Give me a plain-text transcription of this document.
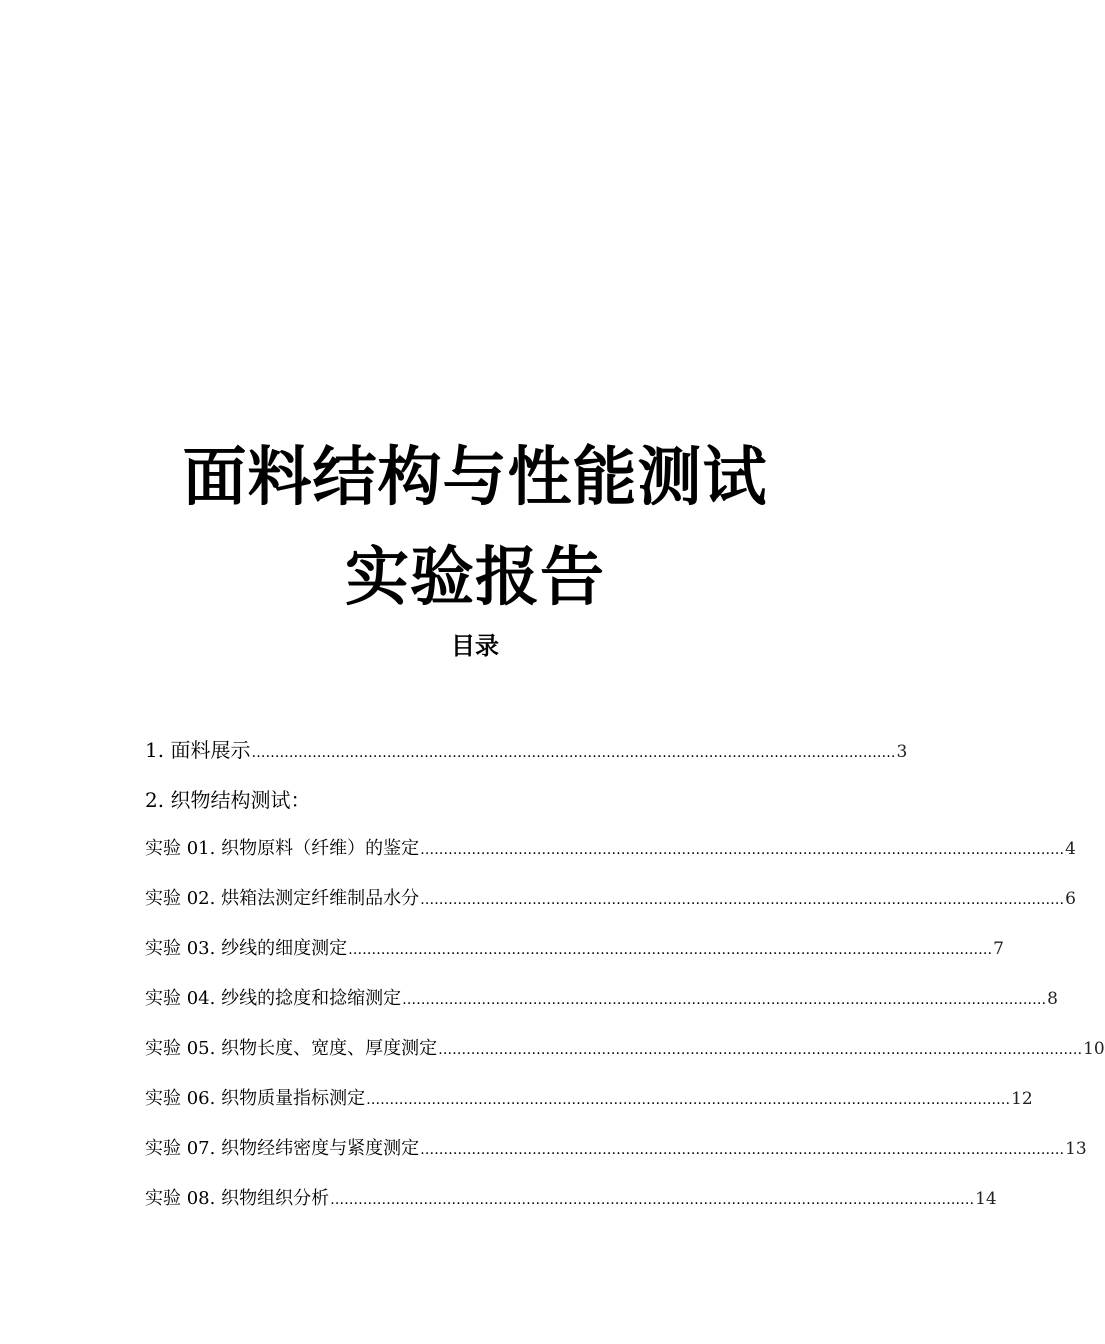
面料结构与性能测试
实验报告
目录
1. 面料展示 ………………………………………………………………………………………………………………………… 3
2. 织物结构测试：
实验 01. 织物原料（纤维）的鉴定 ………………………………………………………………………………………………………………………… 4
实验 02. 烘箱法测定纤维制品水分 ………………………………………………………………………………………………………………………… 6
实验 03. 纱线的细度测定 ………………………………………………………………………………………………………………………… 7
实验 04. 纱线的捻度和捻缩测定 ………………………………………………………………………………………………………………………… 8
实验 05. 织物长度、宽度、厚度测定 ………………………………………………………………………………………………………………………… 10
实验 06. 织物质量指标测定 ………………………………………………………………………………………………………………………… 12
实验 07. 织物经纬密度与紧度测定 ………………………………………………………………………………………………………………………… 13
实验 08. 织物组织分析 ………………………………………………………………………………………………………………………… 14
